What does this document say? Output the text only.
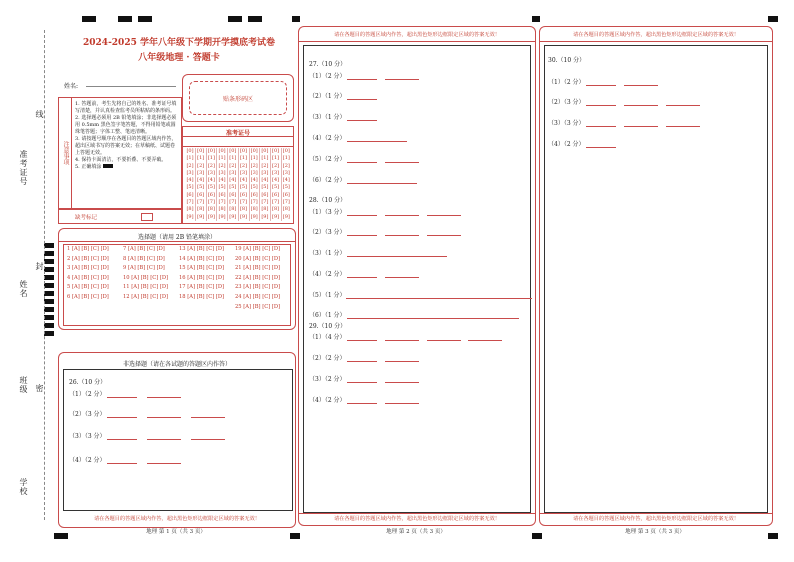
准考证号
线
姓名
封
班级 密
学校
2024-2025 学年八年级下学期开学摸底考试卷
八年级地理 · 答题卡
姓名:
贴条形码区
注意事项
1. 答题前，考生先将自己的姓名、准考证号填写清楚，并认真检查监考员所粘贴的条形码。
2. 选择题必须用 2B 铅笔填涂；非选择题必须用 0.5mm 黑色签字笔答题，不得用铅笔或圆珠笔答题；字体工整、笔迹清晰。
3. 请按题号顺序在各题目的答题区域内作答，超出区域书写的答案无效；在草稿纸、试题卷上答题无效。
4. 保持卡面清洁，不要折叠、不要弄破。
5. 正确填涂
缺考标记
准考证号
[0]
[1]
[2]
[3]
[4]
[5]
[6]
[7]
[8]
[9]
[0]
[1]
[2]
[3]
[4]
[5]
[6]
[7]
[8]
[9]
[0]
[1]
[2]
[3]
[4]
[5]
[6]
[7]
[8]
[9]
[0]
[1]
[2]
[3]
[4]
[5]
[6]
[7]
[8]
[9]
[0]
[1]
[2]
[3]
[4]
[5]
[6]
[7]
[8]
[9]
[0]
[1]
[2]
[3]
[4]
[5]
[6]
[7]
[8]
[9]
[0]
[1]
[2]
[3]
[4]
[5]
[6]
[7]
[8]
[9]
[0]
[1]
[2]
[3]
[4]
[5]
[6]
[7]
[8]
[9]
[0]
[1]
[2]
[3]
[4]
[5]
[6]
[7]
[8]
[9]
[0]
[1]
[2]
[3]
[4]
[5]
[6]
[7]
[8]
[9]
选择题（请用 2B 铅笔填涂）
1 [A] [B] [C] [D]
2 [A] [B] [C] [D]
3 [A] [B] [C] [D]
4 [A] [B] [C] [D]
5 [A] [B] [C] [D]
6 [A] [B] [C] [D]
7 [A] [B] [C] [D]
8 [A] [B] [C] [D]
9 [A] [B] [C] [D]
10 [A] [B] [C] [D]
11 [A] [B] [C] [D]
12 [A] [B] [C] [D]
13 [A] [B] [C] [D]
14 [A] [B] [C] [D]
15 [A] [B] [C] [D]
16 [A] [B] [C] [D]
17 [A] [B] [C] [D]
18 [A] [B] [C] [D]
19 [A] [B] [C] [D]
20 [A] [B] [C] [D]
21 [A] [B] [C] [D]
22 [A] [B] [C] [D]
23 [A] [B] [C] [D]
24 [A] [B] [C] [D]
25 [A] [B] [C] [D]
非选择题（请在各试题的答题区内作答）
26.（10 分）
（1）（2 分）
（2）（3 分）
（3）（3 分）
（4）（2 分）
请在各题目的答题区域内作答，超出黑色矩形边框限定区域的答案无效！
地理 第 1 页（共 3 页）
请在各题目的答题区域内作答，超出黑色矩形边框限定区域的答案无效！
27.（10 分）
（1）（2 分）
（2）（1 分）
（3）（1 分）
（4）（2 分）
（5）（2 分）
（6）（2 分）
28.（10 分）
（1）（3 分）
（2）（3 分）
（3）（1 分）
（4）（2 分）
（5）（1 分）
（6）（1 分）
29.（10 分）
（1）（4 分）
（2）（2 分）
（3）（2 分）
（4）（2 分）
请在各题目的答题区域内作答，超出黑色矩形边框限定区域的答案无效！
地理 第 2 页（共 3 页）
请在各题目的答题区域内作答，超出黑色矩形边框限定区域的答案无效！
30.（10 分）
（1）（2 分）
（2）（3 分）
（3）（3 分）
（4）（2 分）
请在各题目的答题区域内作答，超出黑色矩形边框限定区域的答案无效！
地理 第 3 页（共 3 页）
